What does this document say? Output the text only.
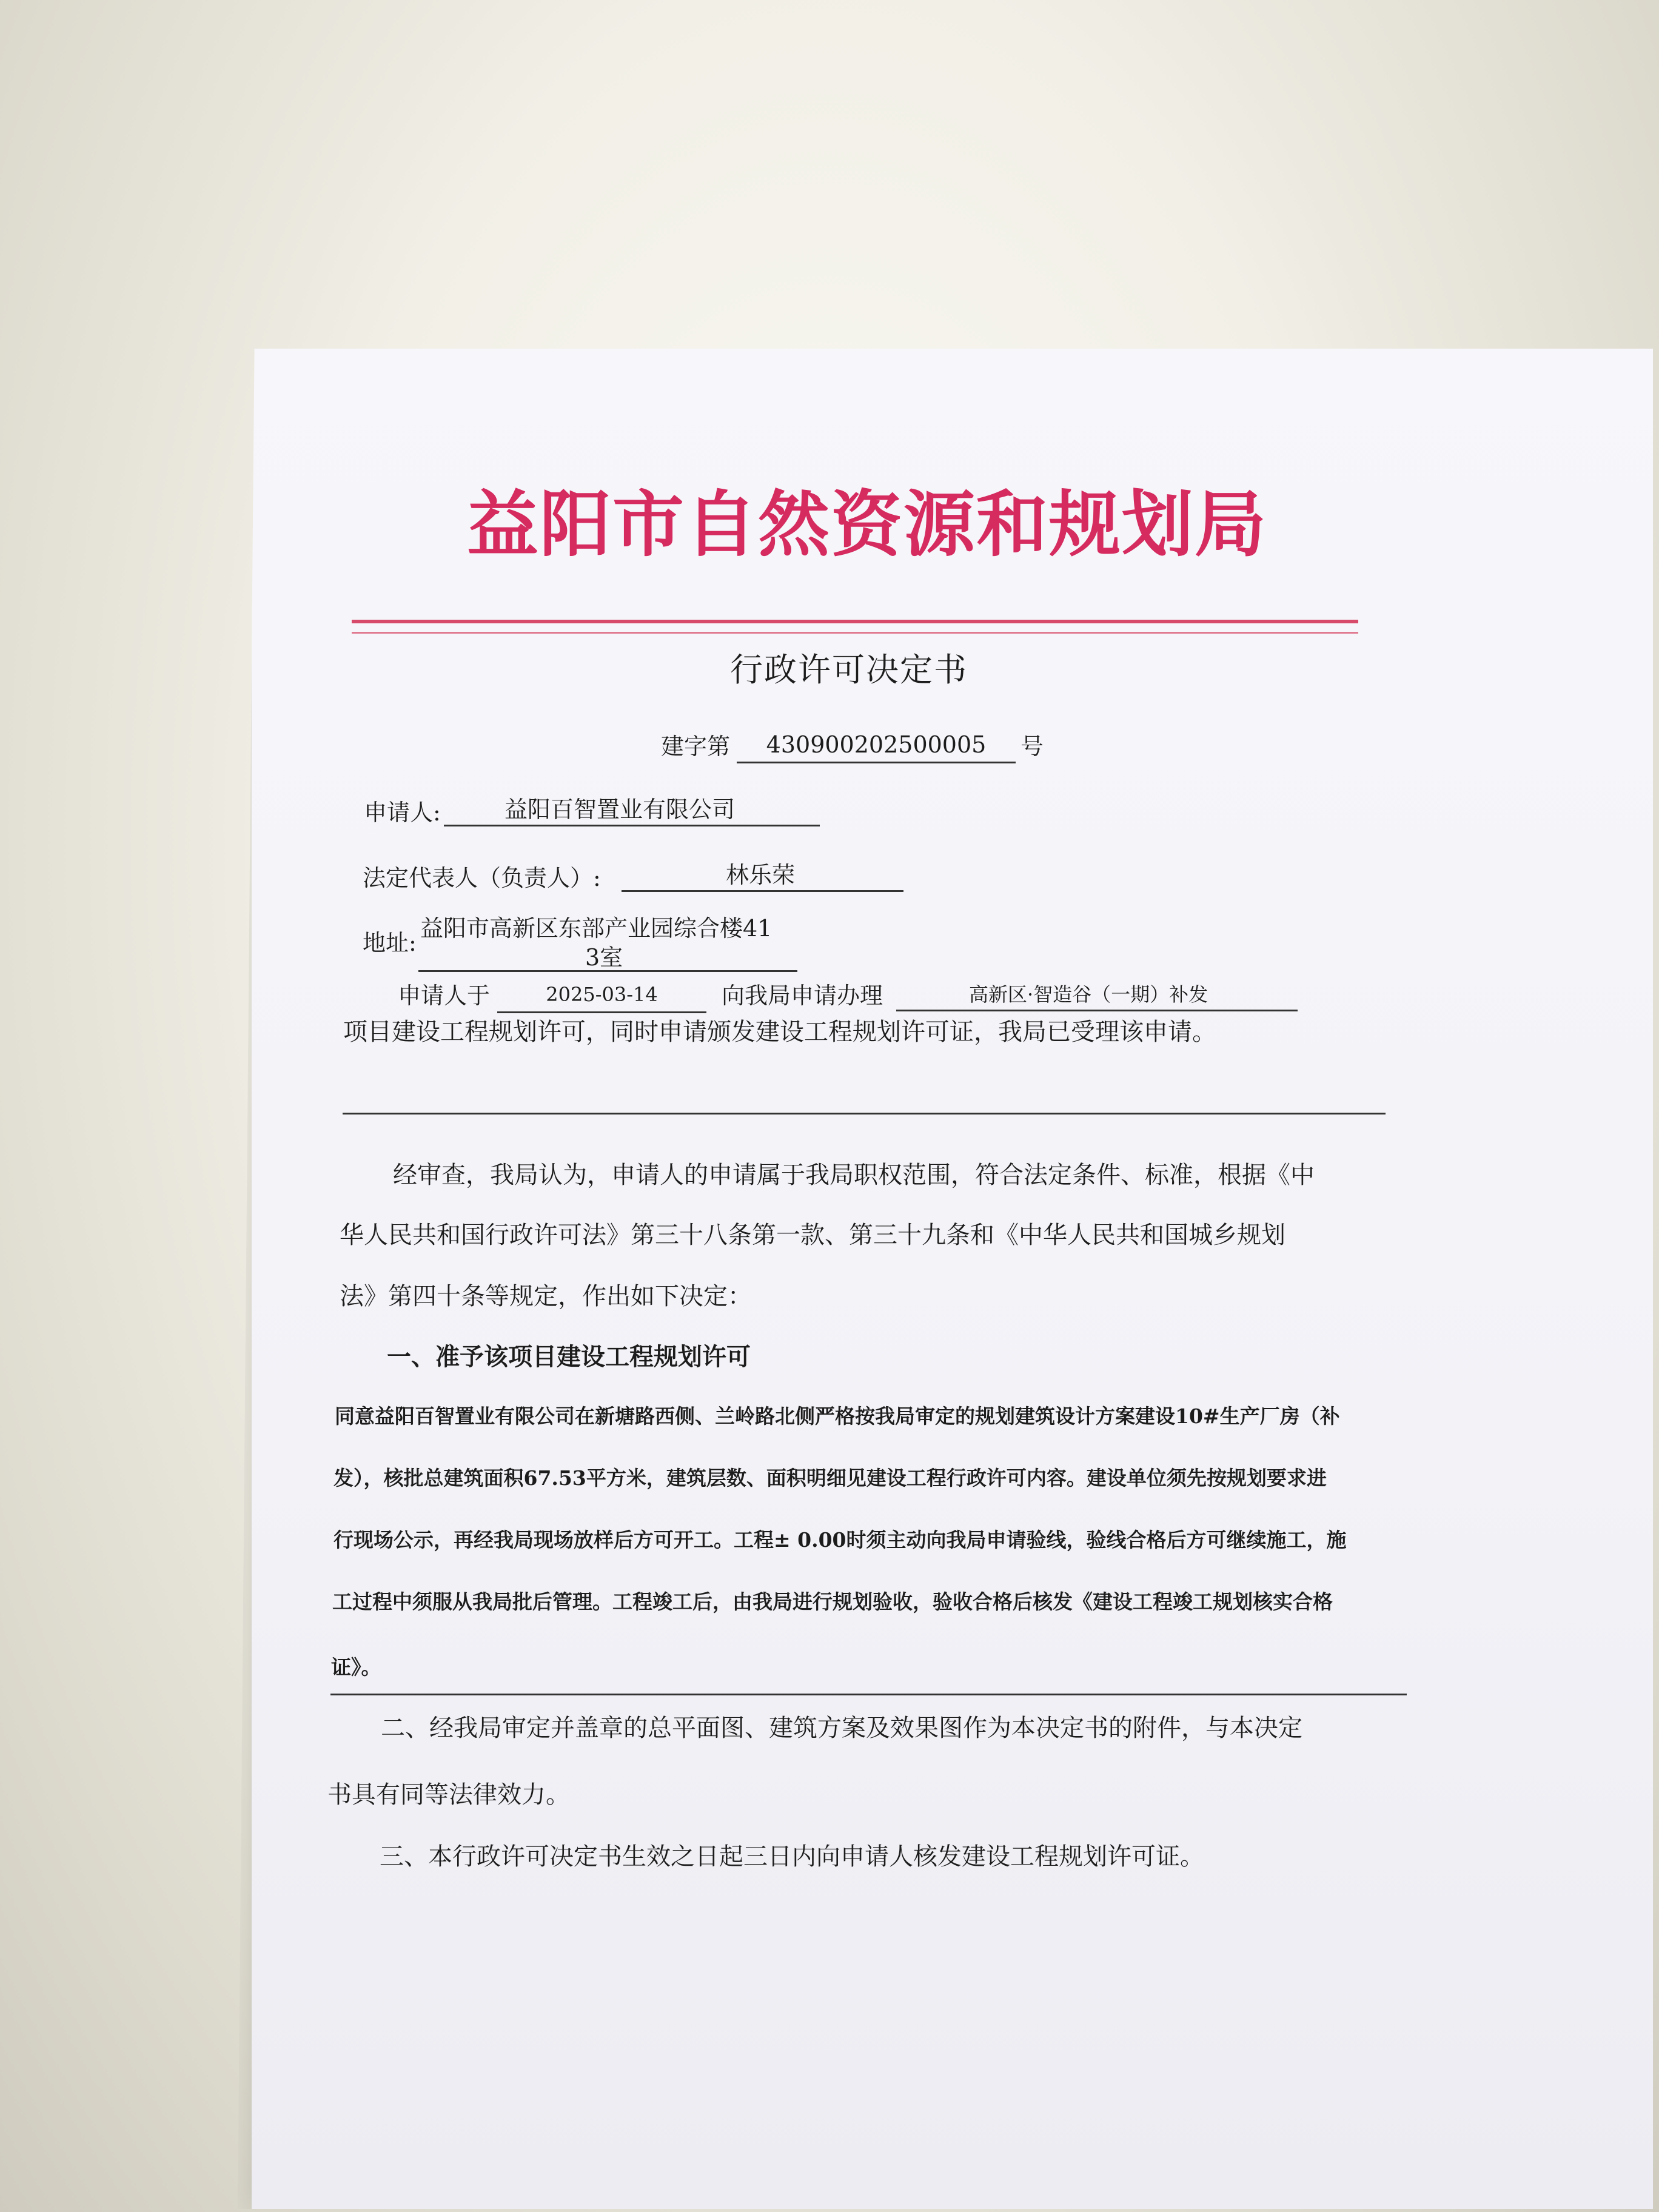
益阳市自然资源和规划局
行政许可决定书
建字第	430900202500005	号
申请人:	益阳百智置业有限公司
法定代表人（负责人）:	林乐荣
地址:
益阳市高新区东部产业园综合楼41
3室
申请人于	2025-03-14	向我局申请办理	高新区·智造谷（一期）补发
项目建设工程规划许可，同时申请颁发建设工程规划许可证，我局已受理该申请。
经审查，我局认为，申请人的申请属于我局职权范围，符合法定条件、标准，根据《中
华人民共和国行政许可法》第三十八条第一款、第三十九条和《中华人民共和国城乡规划
法》第四十条等规定，作出如下决定：
一、准予该项目建设工程规划许可
同意益阳百智置业有限公司在新塘路西侧、兰岭路北侧严格按我局审定的规划建筑设计方案建设10#生产厂房（补
发），核批总建筑面积67.53平方米，建筑层数、面积明细见建设工程行政许可内容。建设单位须先按规划要求进
行现场公示，再经我局现场放样后方可开工。工程± 0.00时须主动向我局申请验线，验线合格后方可继续施工，施
工过程中须服从我局批后管理。工程竣工后，由我局进行规划验收，验收合格后核发《建设工程竣工规划核实合格
证》。
二、经我局审定并盖章的总平面图、建筑方案及效果图作为本决定书的附件，与本决定
书具有同等法律效力。
三、本行政许可决定书生效之日起三日内向申请人核发建设工程规划许可证。
